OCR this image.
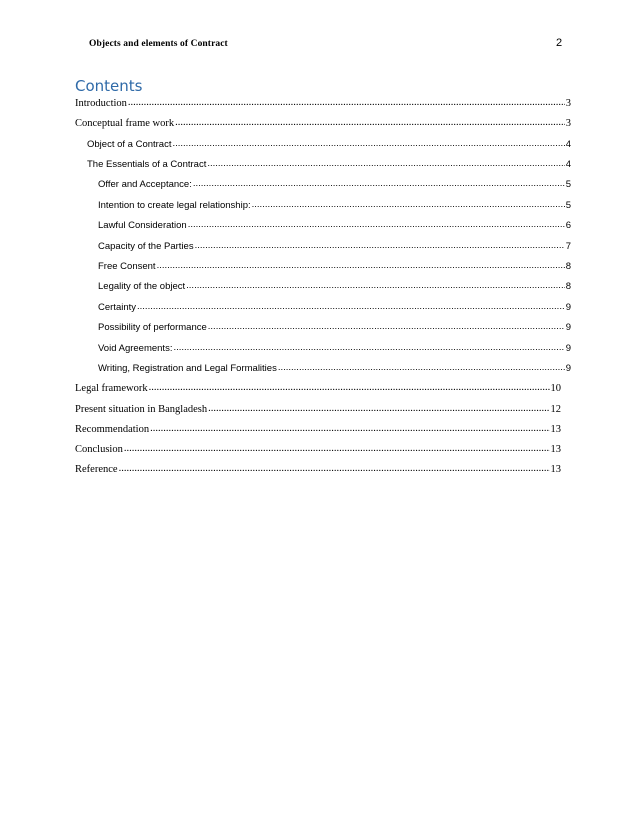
Objects and elements of Contract	2
Contents
Introduction .....	3
Conceptual frame work .....	3
Object of a Contract .....	4
The Essentials of a Contract .....	4
Offer and Acceptance: .....	5
Intention to create legal relationship: .....	5
Lawful Consideration .....	6
Capacity of the Parties .....	7
Free Consent .....	8
Legality of the object .....	8
Certainty .....	9
Possibility of performance .....	9
Void Agreements: .....	9
Writing, Registration and Legal Formalities .....	9
Legal framework .....	10
Present situation in Bangladesh .....	12
Recommendation .....	13
Conclusion .....	13
Reference .....	13
